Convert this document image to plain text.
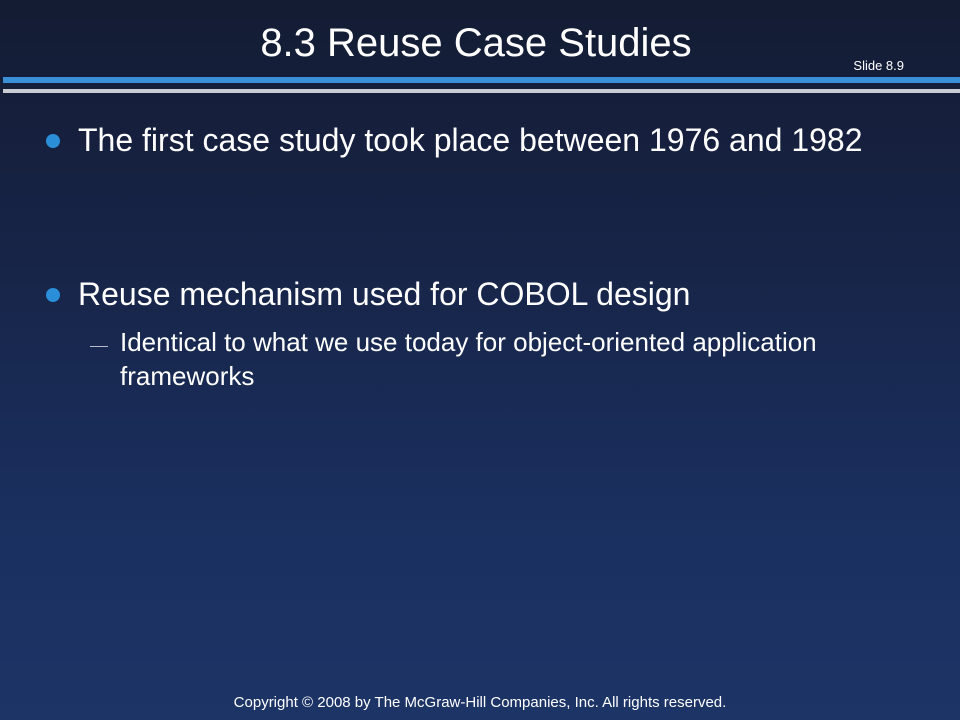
8.3 Reuse Case Studies
Slide 8.9
The first case study took place between 1976 and 1982
Reuse mechanism used for COBOL design
Identical to what we use today for object-oriented application frameworks
Copyright © 2008 by The McGraw-Hill Companies, Inc. All rights reserved.
